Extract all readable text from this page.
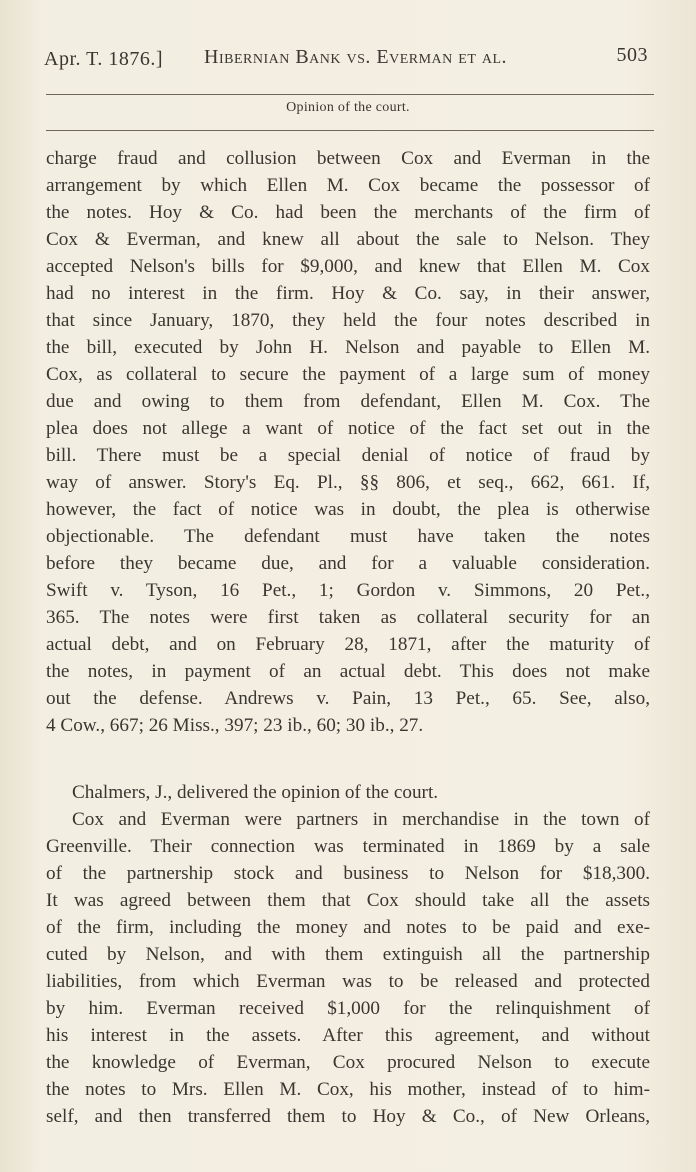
Apr. T. 1876.] Hibernian Bank vs. Everman et al.	503
Opinion of the court.
charge fraud and collusion between Cox and Everman in the
arrangement by which Ellen M. Cox became the possessor of
the notes. Hoy & Co. had been the merchants of the firm of
Cox & Everman, and knew all about the sale to Nelson. They
accepted Nelson's bills for $9,000, and knew that Ellen M. Cox
had no interest in the firm. Hoy & Co. say, in their answer,
that since January, 1870, they held the four notes described in
the bill, executed by John H. Nelson and payable to Ellen M.
Cox, as collateral to secure the payment of a large sum of money
due and owing to them from defendant, Ellen M. Cox. The
plea does not allege a want of notice of the fact set out in the
bill. There must be a special denial of notice of fraud by
way of answer. Story's Eq. Pl., §§ 806, et seq., 662, 661. If,
however, the fact of notice was in doubt, the plea is otherwise
objectionable. The defendant must have taken the notes
before they became due, and for a valuable consideration.
Swift v. Tyson, 16 Pet., 1; Gordon v. Simmons, 20 Pet.,
365. The notes were first taken as collateral security for an
actual debt, and on February 28, 1871, after the maturity of
the notes, in payment of an actual debt. This does not make
out the defense. Andrews v. Pain, 13 Pet., 65. See, also,
4 Cow., 667; 26 Miss., 397; 23 ib., 60; 30 ib., 27.
Chalmers, J., delivered the opinion of the court.
Cox and Everman were partners in merchandise in the town of
Greenville. Their connection was terminated in 1869 by a sale
of the partnership stock and business to Nelson for $18,300.
It was agreed between them that Cox should take all the assets
of the firm, including the money and notes to be paid and exe-
cuted by Nelson, and with them extinguish all the partnership
liabilities, from which Everman was to be released and protected
by him. Everman received $1,000 for the relinquishment of
his interest in the assets. After this agreement, and without
the knowledge of Everman, Cox procured Nelson to execute
the notes to Mrs. Ellen M. Cox, his mother, instead of to him-
self, and then transferred them to Hoy & Co., of New Orleans,
